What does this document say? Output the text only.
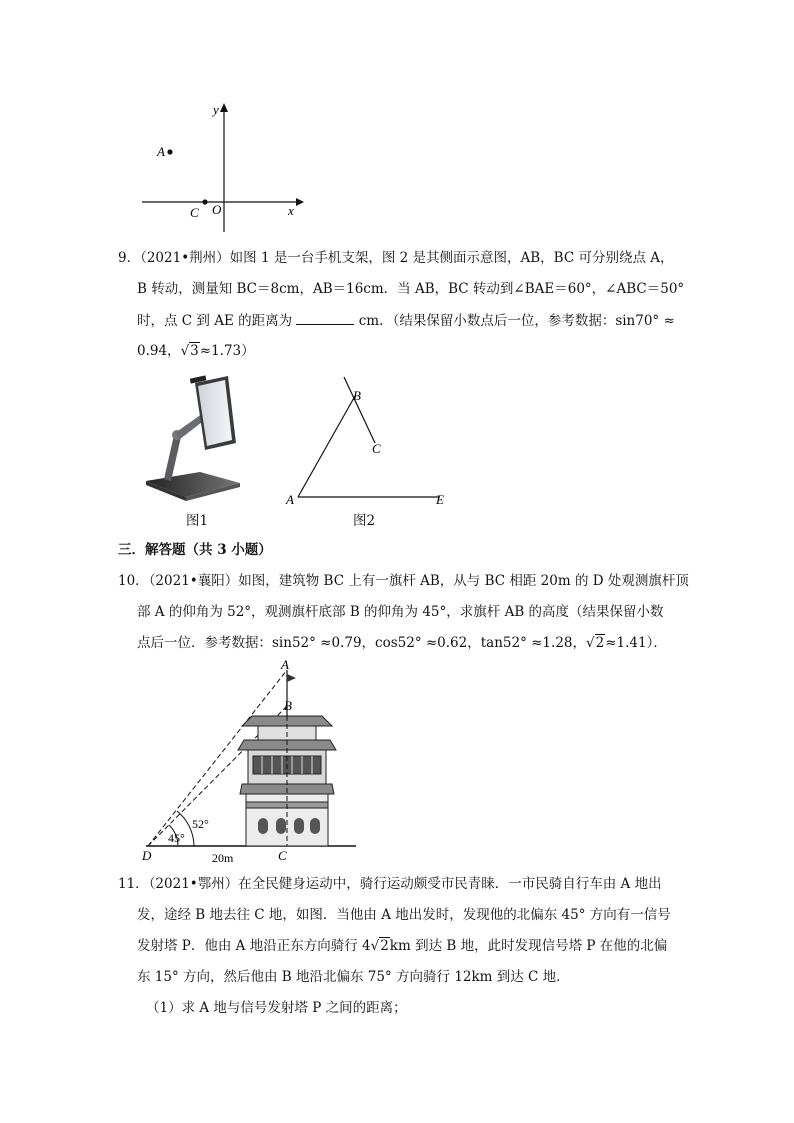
y
x
A
C O
9．（2021•荆州）如图 1 是一台手机支架，图 2 是其侧面示意图，AB，BC 可分别绕点 A，
B 转动，测量知 BC＝8cm，AB＝16cm．当 AB，BC 转动到∠BAE＝60°，∠ABC＝50°
时，点 C 到 AE 的距离为	cm．（结果保留小数点后一位，参考数据：sin70° ≈
0.94，√3≈1.73）
图1
A
B
C
E
图2
三．解答题（共 3 小题）
10．（2021•襄阳）如图，建筑物 BC 上有一旗杆 AB，从与 BC 相距 20m 的 D 处观测旗杆顶
部 A 的仰角为 52°，观测旗杆底部 B 的仰角为 45°，求旗杆 AB 的高度（结果保留小数
点后一位．参考数据：sin52° ≈0.79，cos52° ≈0.62，tan52° ≈1.28，√2≈1.41）．
A
B
C
D
52°
45°
20m
11．（2021•鄂州）在全民健身运动中，骑行运动颇受市民青睐．一市民骑自行车由 A 地出
发，途经 B 地去往 C 地，如图．当他由 A 地出发时，发现他的北偏东 45° 方向有一信号
发射塔 P．他由 A 地沿正东方向骑行 4√2km 到达 B 地，此时发现信号塔 P 在他的北偏
东 15° 方向，然后他由 B 地沿北偏东 75° 方向骑行 12km 到达 C 地．
（1）求 A 地与信号发射塔 P 之间的距离；
